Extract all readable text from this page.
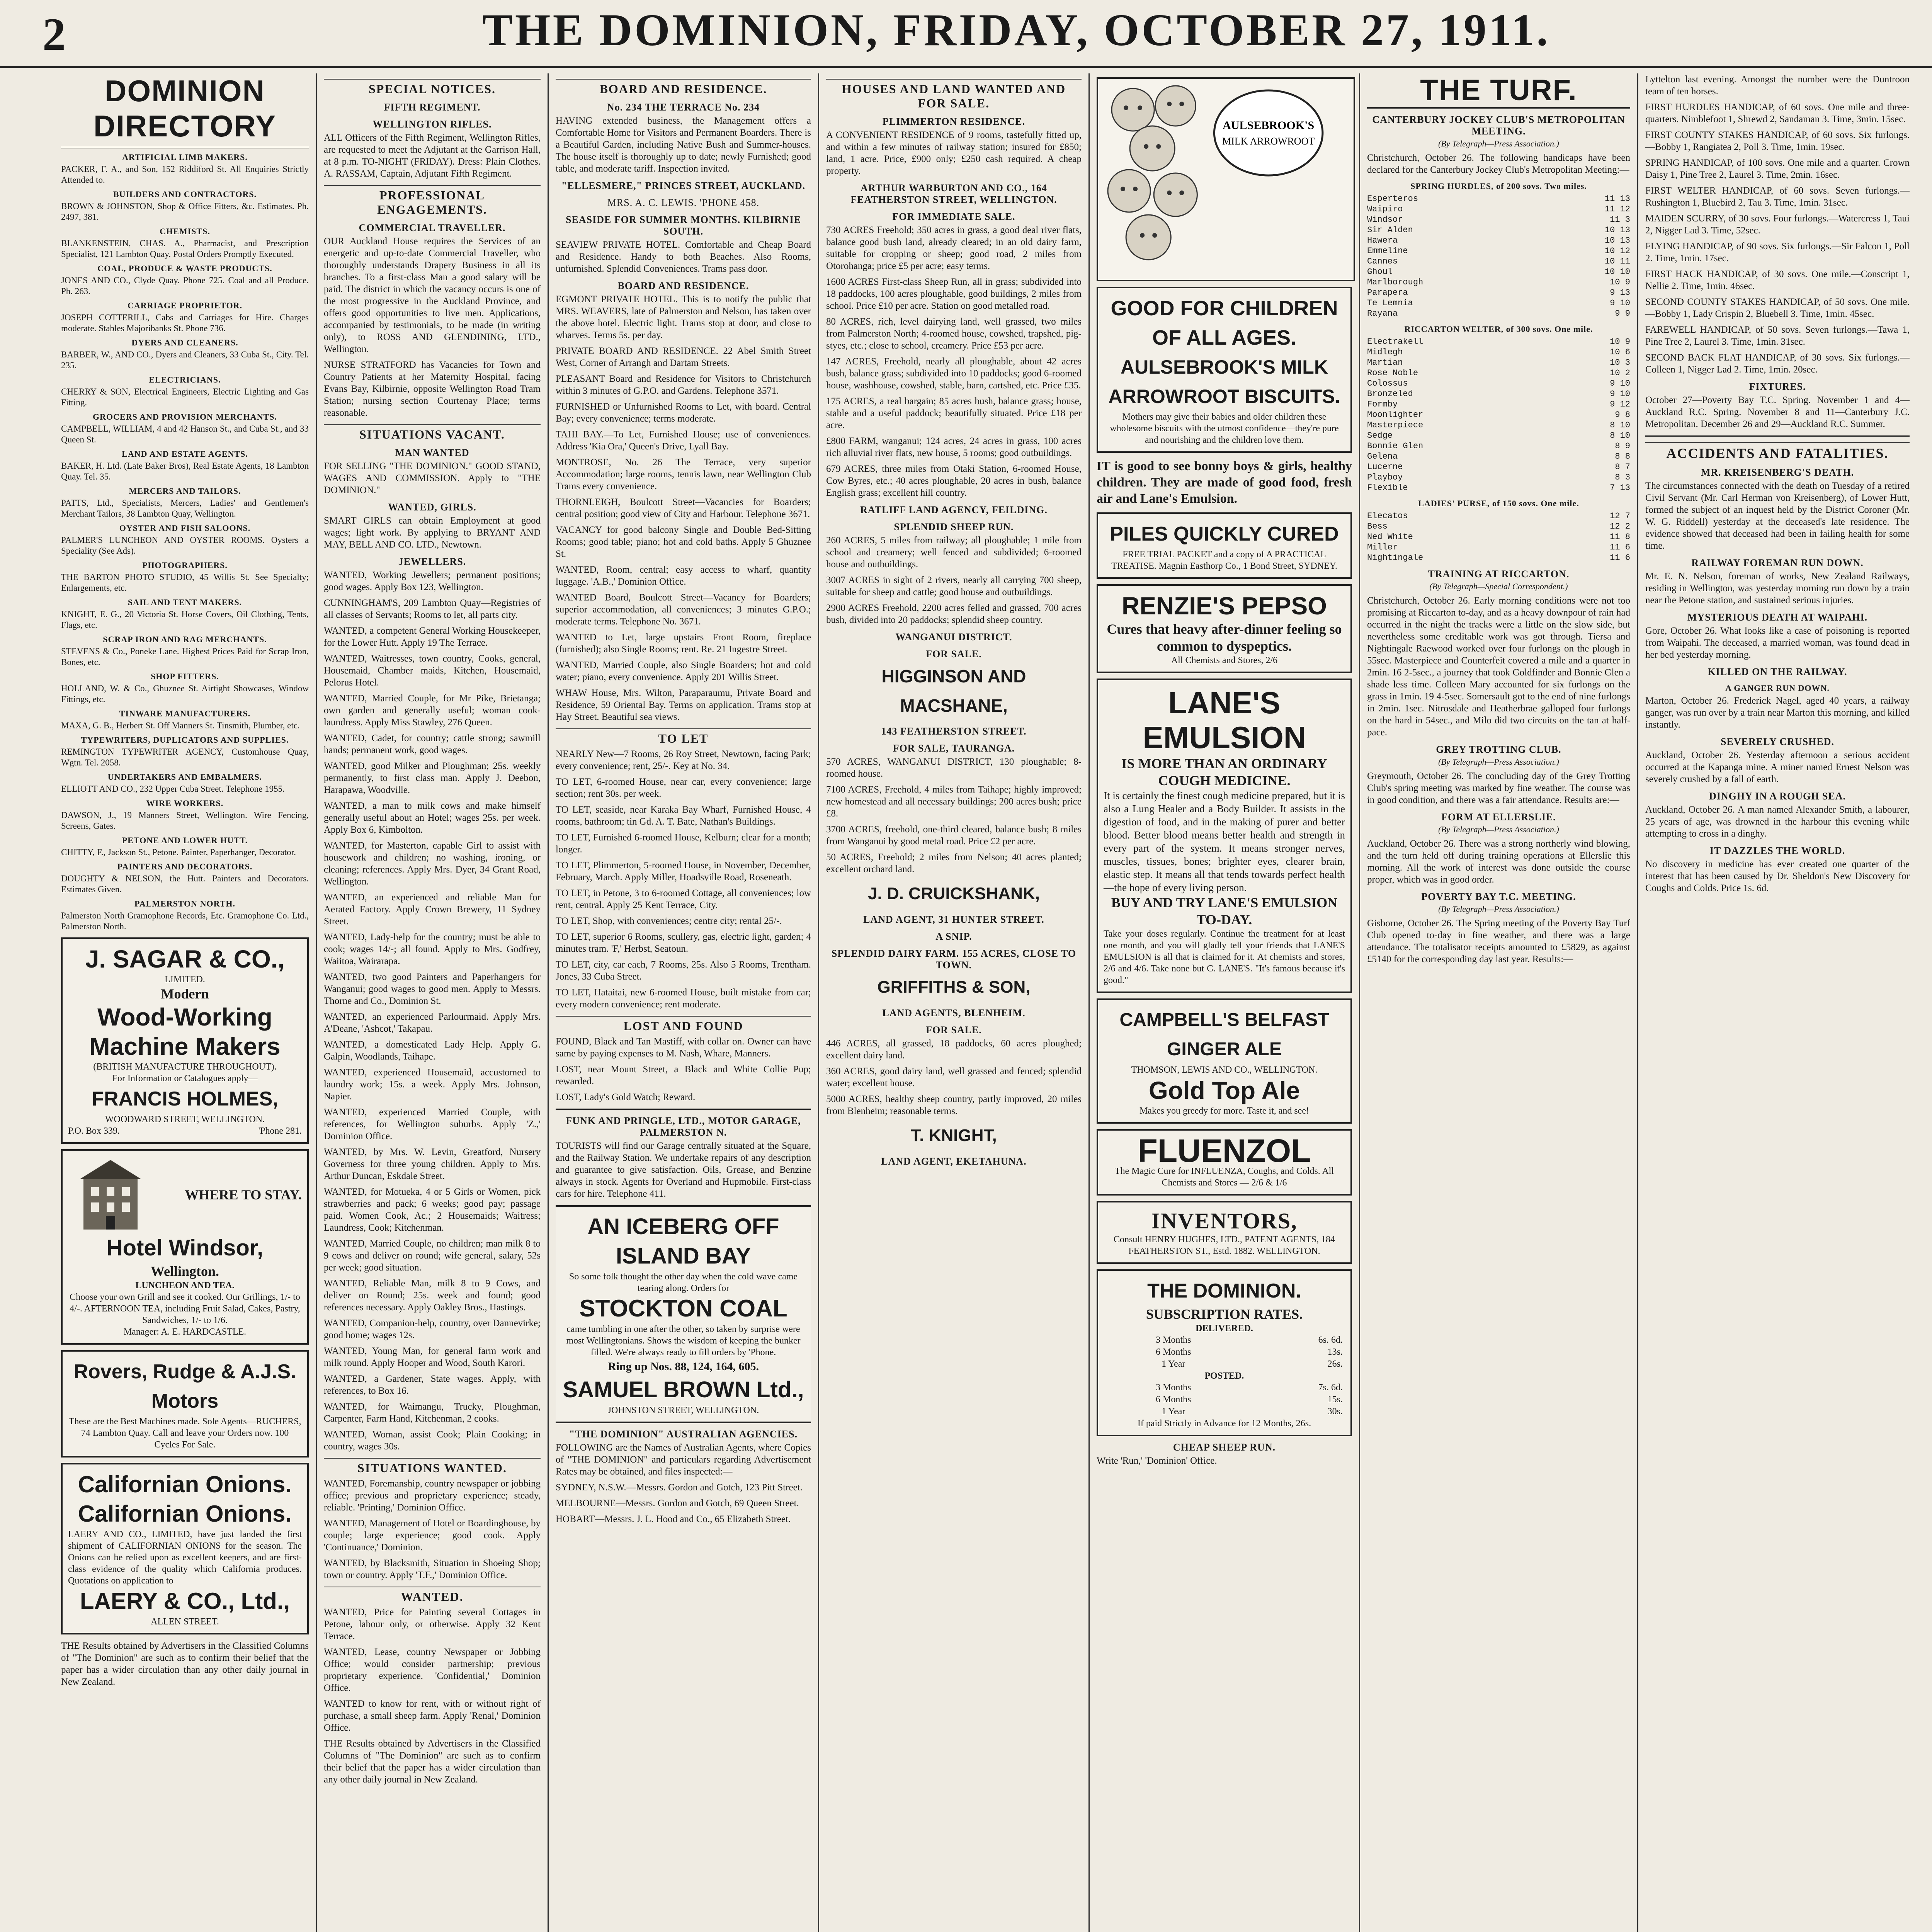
2	THE DOMINION, FRIDAY, OCTOBER 27, 1911.
DOMINION DIRECTORY
ARTIFICIAL LIMB MAKERS.
PACKER, F. A., and Son, 152 Riddiford St. All Enquiries Strictly Attended to.
BUILDERS AND CONTRACTORS.
BROWN & JOHNSTON, Shop & Office Fitters, &c. Estimates. Ph. 2497, 381.
CHEMISTS.
BLANKENSTEIN, CHAS. A., Pharmacist, and Prescription Specialist, 121 Lambton Quay. Postal Orders Promptly Executed.
COAL, PRODUCE & WASTE PRODUCTS.
JONES AND CO., Clyde Quay. Phone 725. Coal and all Produce. Ph. 263.
CARRIAGE PROPRIETOR.
JOSEPH COTTERILL, Cabs and Carriages for Hire. Charges moderate. Stables Majoribanks St. Phone 736.
DYERS AND CLEANERS.
BARBER, W., AND CO., Dyers and Cleaners, 33 Cuba St., City. Tel. 235.
ELECTRICIANS.
CHERRY & SON, Electrical Engineers, Electric Lighting and Gas Fitting.
GROCERS AND PROVISION MERCHANTS.
CAMPBELL, WILLIAM, 4 and 42 Hanson St., and Cuba St., and 33 Queen St.
LAND AND ESTATE AGENTS.
BAKER, H. Ltd. (Late Baker Bros), Real Estate Agents, 18 Lambton Quay. Tel. 35.
MERCERS AND TAILORS.
PATTS, Ltd., Specialists, Mercers, Ladies' and Gentlemen's Merchant Tailors, 38 Lambton Quay, Wellington.
OYSTER AND FISH SALOONS.
PALMER'S LUNCHEON AND OYSTER ROOMS. Oysters a Speciality (See Ads).
PHOTOGRAPHERS.
THE BARTON PHOTO STUDIO, 45 Willis St. See Specialty; Enlargements, etc.
SAIL AND TENT MAKERS.
KNIGHT, E. G., 20 Victoria St. Horse Covers, Oil Clothing, Tents, Flags, etc.
SCRAP IRON AND RAG MERCHANTS.
STEVENS & Co., Poneke Lane. Highest Prices Paid for Scrap Iron, Bones, etc.
SHOP FITTERS.
HOLLAND, W. & Co., Ghuznee St. Airtight Showcases, Window Fittings, etc.
TINWARE MANUFACTURERS.
MAXA, G. B., Herbert St. Off Manners St. Tinsmith, Plumber, etc.
TYPEWRITERS, DUPLICATORS AND SUPPLIES.
REMINGTON TYPEWRITER AGENCY, Customhouse Quay, Wgtn. Tel. 2058.
UNDERTAKERS AND EMBALMERS.
ELLIOTT AND CO., 232 Upper Cuba Street. Telephone 1955.
WIRE WORKERS.
DAWSON, J., 19 Manners Street, Wellington. Wire Fencing, Screens, Gates.
PETONE AND LOWER HUTT.
CHITTY, F., Jackson St., Petone. Painter, Paperhanger, Decorator.
PAINTERS AND DECORATORS.
DOUGHTY & NELSON, the Hutt. Painters and Decorators. Estimates Given.
PALMERSTON NORTH.
Palmerston North Gramophone Records, Etc. Gramophone Co. Ltd., Palmerston North.
J. SAGAR & CO.,
LIMITED.
Modern
Wood-Working
Machine Makers
(BRITISH MANUFACTURE THROUGHOUT).
For Information or Catalogues apply—
FRANCIS HOLMES,
WOODWARD STREET, WELLINGTON.
P.O. Box 339.	'Phone 281.
WHERE TO STAY.
Hotel Windsor,
Wellington.
LUNCHEON AND TEA.
Choose your own Grill and see it cooked. Our Grillings, 1/- to 4/-. AFTERNOON TEA, including Fruit Salad, Cakes, Pastry, Sandwiches, 1/- to 1/6.
Manager: A. E. HARDCASTLE.
Rovers, Rudge & A.J.S. Motors
These are the Best Machines made. Sole Agents—RUCHERS, 74 Lambton Quay. Call and leave your Orders now. 100 Cycles For Sale.
Californian Onions.
Californian Onions.
LAERY AND CO., LIMITED, have just landed the first shipment of CALIFORNIAN ONIONS for the season. The Onions can be relied upon as excellent keepers, and are first-class evidence of the quality which California produces. Quotations on application to
LAERY & CO., Ltd.,
ALLEN STREET.

THE Results obtained by Advertisers in the Classified Columns of "The Dominion" are such as to confirm their belief that the paper has a wider circulation than any other daily journal in New Zealand.

SPECIAL NOTICES.
FIFTH REGIMENT.
WELLINGTON RIFLES.

ALL Officers of the Fifth Regiment, Wellington Rifles, are requested to meet the Adjutant at the Garrison Hall, at 8 p.m. TO-NIGHT (FRIDAY). Dress: Plain Clothes. A. RASSAM, Captain, Adjutant Fifth Regiment.

PROFESSIONAL ENGAGEMENTS.
COMMERCIAL TRAVELLER.

OUR Auckland House requires the Services of an energetic and up-to-date Commercial Traveller, who thoroughly understands Drapery Business in all its branches. To a first-class Man a good salary will be paid. The district in which the vacancy occurs is one of the most progressive in the Auckland Province, and offers good opportunities to live men. Applications, accompanied by testimonials, to be made (in writing only), to ROSS AND GLENDINING, LTD., Wellington.

NURSE STRATFORD has Vacancies for Town and Country Patients at her Maternity Hospital, facing Evans Bay, Kilbirnie, opposite Wellington Road Tram Station; nursing section Courtenay Place; terms reasonable.

SITUATIONS VACANT.
MAN WANTED

FOR SELLING "THE DOMINION." GOOD STAND, WAGES AND COMMISSION. Apply to "THE DOMINION."

WANTED, GIRLS.

SMART GIRLS can obtain Employment at good wages; light work. By applying to BRYANT AND MAY, BELL AND CO. LTD., Newtown.

JEWELLERS.

WANTED, Working Jewellers; permanent positions; good wages. Apply Box 123, Wellington.

CUNNINGHAM'S, 209 Lambton Quay—Registries of all classes of Servants; Rooms to let, all parts city.

WANTED, a competent General Working Housekeeper, for the Lower Hutt. Apply 19 The Terrace.

WANTED, Waitresses, town country, Cooks, general, Housemaid, Chamber maids, Kitchen, Housemaid, Pelorus Hotel.

WANTED, Married Couple, for Mr Pike, Brietanga; own garden and generally useful; woman cook-laundress. Apply Miss Stawley, 276 Queen.

WANTED, Cadet, for country; cattle strong; sawmill hands; permanent work, good wages.

WANTED, good Milker and Ploughman; 25s. weekly permanently, to first class man. Apply J. Deebon, Harapawa, Woodville.

WANTED, a man to milk cows and make himself generally useful about an Hotel; wages 25s. per week. Apply Box 6, Kimbolton.

WANTED, for Masterton, capable Girl to assist with housework and children; no washing, ironing, or cleaning; references. Apply Mrs. Dyer, 34 Grant Road, Wellington.

WANTED, an experienced and reliable Man for Aerated Factory. Apply Crown Brewery, 11 Sydney Street.

WANTED, Lady-help for the country; must be able to cook; wages 14/-; all found. Apply to Mrs. Godfrey, Waiitoa, Wairarapa.

WANTED, two good Painters and Paperhangers for Wanganui; good wages to good men. Apply to Messrs. Thorne and Co., Dominion St.

WANTED, an experienced Parlourmaid. Apply Mrs. A'Deane, 'Ashcot,' Takapau.

WANTED, a domesticated Lady Help. Apply G. Galpin, Woodlands, Taihape.

WANTED, experienced Housemaid, accustomed to laundry work; 15s. a week. Apply Mrs. Johnson, Napier.

WANTED, experienced Married Couple, with references, for Wellington suburbs. Apply 'Z.,' Dominion Office.

WANTED, by Mrs. W. Levin, Greatford, Nursery Governess for three young children. Apply to Mrs. Arthur Duncan, Eskdale Street.

WANTED, for Motueka, 4 or 5 Girls or Women, pick strawberries and pack; 6 weeks; good pay; passage paid. Women Cook, Ac.; 2 Housemaids; Waitress; Laundress, Cook; Kitchenman.

WANTED, Married Couple, no children; man milk 8 to 9 cows and deliver on round; wife general, salary, 52s per week; good situation.

WANTED, Reliable Man, milk 8 to 9 Cows, and deliver on Round; 25s. week and found; good references necessary. Apply Oakley Bros., Hastings.

WANTED, Companion-help, country, over Dannevirke; good home; wages 12s.

WANTED, Young Man, for general farm work and milk round. Apply Hooper and Wood, South Karori.

WANTED, a Gardener, State wages. Apply, with references, to Box 16.

WANTED, for Waimangu, Trucky, Ploughman, Carpenter, Farm Hand, Kitchenman, 2 cooks.

WANTED, Woman, assist Cook; Plain Cooking; in country, wages 30s.

SITUATIONS WANTED.

WANTED, Foremanship, country newspaper or jobbing office; previous and proprietary experience; steady, reliable. 'Printing,' Dominion Office.

WANTED, Management of Hotel or Boardinghouse, by couple; large experience; good cook. Apply 'Continuance,' Dominion.

WANTED, by Blacksmith, Situation in Shoeing Shop; town or country. Apply 'T.F.,' Dominion Office.

WANTED.

WANTED, Price for Painting several Cottages in Petone, labour only, or otherwise. Apply 32 Kent Terrace.

WANTED, Lease, country Newspaper or Jobbing Office; would consider partnership; previous proprietary experience. 'Confidential,' Dominion Office.

WANTED to know for rent, with or without right of purchase, a small sheep farm. Apply 'Renal,' Dominion Office.

THE Results obtained by Advertisers in the Classified Columns of "The Dominion" are such as to confirm their belief that the paper has a wider circulation than any other daily journal in New Zealand.

BOARD AND RESIDENCE.
No. 234 THE TERRACE No. 234

HAVING extended business, the Management offers a Comfortable Home for Visitors and Permanent Boarders. There is a Beautiful Garden, including Native Bush and Summer-houses. The house itself is thoroughly up to date; newly Furnished; good table, and moderate tariff. Inspection invited.

"ELLESMERE," PRINCES STREET, AUCKLAND.
MRS. A. C. LEWIS. 'PHONE 458.
SEASIDE FOR SUMMER MONTHS. KILBIRNIE SOUTH.

SEAVIEW PRIVATE HOTEL. Comfortable and Cheap Board and Residence. Handy to both Beaches. Also Rooms, unfurnished. Splendid Conveniences. Trams pass door.

BOARD AND RESIDENCE.

EGMONT PRIVATE HOTEL. This is to notify the public that MRS. WEAVERS, late of Palmerston and Nelson, has taken over the above hotel. Electric light. Trams stop at door, and close to wharves. Terms 5s. per day.

PRIVATE BOARD AND RESIDENCE. 22 Abel Smith Street West, Corner of Arrangh and Dartam Streets.

PLEASANT Board and Residence for Visitors to Christchurch within 3 minutes of G.P.O. and Gardens. Telephone 3571.

FURNISHED or Unfurnished Rooms to Let, with board. Central Bay; every convenience; terms moderate.

TAHI BAY.—To Let, Furnished House; use of conveniences. Address 'Kia Ora,' Queen's Drive, Lyall Bay.

MONTROSE, No. 26 The Terrace, very superior Accommodation; large rooms, tennis lawn, near Wellington Club Trams every convenience.

THORNLEIGH, Boulcott Street—Vacancies for Boarders; central position; good view of City and Harbour. Telephone 3671.

VACANCY for good balcony Single and Double Bed-Sitting Rooms; good table; piano; hot and cold baths. Apply 5 Ghuznee St.

WANTED, Room, central; easy access to wharf, quantity luggage. 'A.B.,' Dominion Office.

WANTED Board, Boulcott Street—Vacancy for Boarders; superior accommodation, all conveniences; 3 minutes G.P.O.; moderate terms. Telephone No. 3671.

WANTED to Let, large upstairs Front Room, fireplace (furnished); also Single Rooms; rent. Re. 21 Ingestre Street.

WANTED, Married Couple, also Single Boarders; hot and cold water; piano, every convenience. Apply 201 Willis Street.

WHAW House, Mrs. Wilton, Paraparaumu, Private Board and Residence, 59 Oriental Bay. Terms on application. Trams stop at Hay Street. Beautiful sea views.

TO LET

NEARLY New—7 Rooms, 26 Roy Street, Newtown, facing Park; every convenience; rent, 25/-. Key at No. 34.

TO LET, 6-roomed House, near car, every convenience; large section; rent 30s. per week.

TO LET, seaside, near Karaka Bay Wharf, Furnished House, 4 rooms, bathroom; tin Gd. A. T. Bate, Nathan's Buildings.

TO LET, Furnished 6-roomed House, Kelburn; clear for a month; longer.

TO LET, Plimmerton, 5-roomed House, in November, December, February, March. Apply Miller, Hoadsville Road, Roseneath.

TO LET, in Petone, 3 to 6-roomed Cottage, all conveniences; low rent, central. Apply 25 Kent Terrace, City.

TO LET, Shop, with conveniences; centre city; rental 25/-.

TO LET, superior 6 Rooms, scullery, gas, electric light, garden; 4 minutes tram. 'F,' Herbst, Seatoun.

TO LET, city, car each, 7 Rooms, 25s. Also 5 Rooms, Trentham. Jones, 33 Cuba Street.

TO LET, Hataitai, new 6-roomed House, built mistake from car; every modern convenience; rent moderate.

LOST AND FOUND

FOUND, Black and Tan Mastiff, with collar on. Owner can have same by paying expenses to M. Nash, Whare, Manners.

LOST, near Mount Street, a Black and White Collie Pup; rewarded.

LOST, Lady's Gold Watch; Reward.

FUNK AND PRINGLE, LTD., MOTOR GARAGE, PALMERSTON N.

TOURISTS will find our Garage centrally situated at the Square, and the Railway Station. We undertake repairs of any description and guarantee to give satisfaction. Oils, Grease, and Benzine always in stock. Agents for Overland and Hupmobile. First-class cars for hire. Telephone 411.

AN ICEBERG OFF ISLAND BAY
So some folk thought the other day when the cold wave came tearing along. Orders for
STOCKTON COAL
came tumbling in one after the other, so taken by surprise were most Wellingtonians. Shows the wisdom of keeping the bunker filled. We're always ready to fill orders by 'Phone.
Ring up Nos. 88, 124, 164, 605.
SAMUEL BROWN Ltd.,
JOHNSTON STREET, WELLINGTON.
"THE DOMINION" AUSTRALIAN AGENCIES.

FOLLOWING are the Names of Australian Agents, where Copies of "THE DOMINION" and particulars regarding Advertisement Rates may be obtained, and files inspected:—

SYDNEY, N.S.W.—Messrs. Gordon and Gotch, 123 Pitt Street.

MELBOURNE—Messrs. Gordon and Gotch, 69 Queen Street.

HOBART—Messrs. J. L. Hood and Co., 65 Elizabeth Street.

HOUSES AND LAND WANTED AND FOR SALE.
PLIMMERTON RESIDENCE.

A CONVENIENT RESIDENCE of 9 rooms, tastefully fitted up, and within a few minutes of railway station; insured for £850; land, 1 acre. Price, £900 only; £250 cash required. A cheap property.

ARTHUR WARBURTON AND CO., 164 FEATHERSTON STREET, WELLINGTON.
FOR IMMEDIATE SALE.

730 ACRES Freehold; 350 acres in grass, a good deal river flats, balance good bush land, already cleared; in an old dairy farm, suitable for cropping or sheep; good road, 2 miles from Otorohanga; price £5 per acre; easy terms.

1600 ACRES First-class Sheep Run, all in grass; subdivided into 18 paddocks, 100 acres ploughable, good buildings, 2 miles from school. Price £10 per acre. Station on good metalled road.

80 ACRES, rich, level dairying land, well grassed, two miles from Palmerston North; 4-roomed house, cowshed, trapshed, pig-styes, etc.; close to school, creamery. Price £53 per acre.

147 ACRES, Freehold, nearly all ploughable, about 42 acres bush, balance grass; subdivided into 10 paddocks; good 6-roomed house, washhouse, cowshed, stable, barn, cartshed, etc. Price £35.

175 ACRES, a real bargain; 85 acres bush, balance grass; house, stable and a useful paddock; beautifully situated. Price £18 per acre.

£800 FARM, wanganui; 124 acres, 24 acres in grass, 100 acres rich alluvial river flats, new house, 5 rooms; good outbuildings.

679 ACRES, three miles from Otaki Station, 6-roomed House, Cow Byres, etc.; 40 acres ploughable, 20 acres in bush, balance English grass; excellent hill country.

RATLIFF LAND AGENCY, FEILDING.
SPLENDID SHEEP RUN.

260 ACRES, 5 miles from railway; all ploughable; 1 mile from school and creamery; well fenced and subdivided; 6-roomed house and outbuildings.

3007 ACRES in sight of 2 rivers, nearly all carrying 700 sheep, suitable for sheep and cattle; good house and outbuildings.

2900 ACRES Freehold, 2200 acres felled and grassed, 700 acres bush, divided into 20 paddocks; splendid sheep country.

WANGANUI DISTRICT.
FOR SALE.
HIGGINSON AND MACSHANE,
143 FEATHERSTON STREET.
FOR SALE, TAURANGA.

570 ACRES, WANGANUI DISTRICT, 130 ploughable; 8-roomed house.

7100 ACRES, Freehold, 4 miles from Taihape; highly improved; new homestead and all necessary buildings; 200 acres bush; price £8.

3700 ACRES, freehold, one-third cleared, balance bush; 8 miles from Wanganui by good metal road. Price £2 per acre.

50 ACRES, Freehold; 2 miles from Nelson; 40 acres planted; excellent orchard land.

J. D. CRUICKSHANK,
LAND AGENT, 31 HUNTER STREET.
A SNIP.
SPLENDID DAIRY FARM. 155 ACRES, CLOSE TO TOWN.
GRIFFITHS & SON,
LAND AGENTS, BLENHEIM.
FOR SALE.

446 ACRES, all grassed, 18 paddocks, 60 acres ploughed; excellent dairy land.

360 ACRES, good dairy land, well grassed and fenced; splendid water; excellent house.

5000 ACRES, healthy sheep country, partly improved, 20 miles from Blenheim; reasonable terms.

T. KNIGHT,
LAND AGENT, EKETAHUNA.
AULSEBROOK'S
MILK ARROWROOT
GOOD FOR CHILDREN OF ALL AGES.
AULSEBROOK'S MILK ARROWROOT BISCUITS.
Mothers may give their babies and older children these wholesome biscuits with the utmost confidence—they're pure and nourishing and the children love them.

IT is good to see bonny boys & girls, healthy children. They are made of good food, fresh air and Lane's Emulsion.

PILES QUICKLY CURED
FREE TRIAL PACKET and a copy of A PRACTICAL TREATISE. Magnin Easthorp Co., 1 Bond Street, SYDNEY.
RENZIE'S PEPSO
Cures that heavy after-dinner feeling so common to dyspeptics.
All Chemists and Stores, 2/6
LANE'S EMULSION
IS MORE THAN AN ORDINARY COUGH MEDICINE.
It is certainly the finest cough medicine prepared, but it is also a Lung Healer and a Body Builder. It assists in the digestion of food, and in the making of purer and better blood. Better blood means better health and strength in every part of the system. It means stronger nerves, muscles, tissues, bones; brighter eyes, clearer brain, elastic step. It means all that tends towards perfect health—the hope of every living person.
BUY AND TRY LANE'S EMULSION TO-DAY.
Take your doses regularly. Continue the treatment for at least one month, and you will gladly tell your friends that LANE'S EMULSION is all that is claimed for it. At chemists and stores, 2/6 and 4/6. Take none but G. LANE'S. "It's famous because it's good."
CAMPBELL'S BELFAST GINGER ALE
THOMSON, LEWIS AND CO., WELLINGTON.
Gold Top Ale
Makes you greedy for more. Taste it, and see!
FLUENZOL
The Magic Cure for INFLUENZA, Coughs, and Colds. All Chemists and Stores — 2/6 & 1/6
INVENTORS,
Consult HENRY HUGHES, LTD., PATENT AGENTS, 184 FEATHERSTON ST., Estd. 1882. WELLINGTON.
THE DOMINION.
SUBSCRIPTION RATES.
DELIVERED.
3 Months	6s. 6d.
6 Months	13s.
1 Year	26s.
POSTED.
3 Months	7s. 6d.
6 Months	15s.
1 Year	30s.
If paid Strictly in Advance for 12 Months, 26s.
CHEAP SHEEP RUN.

Write 'Run,' 'Dominion' Office.

THE TURF.
CANTERBURY JOCKEY CLUB'S METROPOLITAN MEETING.
(By Telegraph—Press Association.)

Christchurch, October 26. The following handicaps have been declared for the Canterbury Jockey Club's Metropolitan Meeting:—

SPRING HURDLES, of 200 sovs. Two miles.
Esperteros	11 13
Waipiro	11 12
Windsor	11 3
Sir Alden	10 13
Hawera	10 13
Emmeline	10 12
Cannes	10 11
Ghoul	10 10
Marlborough	10 9
Parapera	9 13
Te Lemnia	9 10
Rayana	9 9
RICCARTON WELTER, of 300 sovs. One mile.
Electrakell	10 9
Midlegh	10 6
Martian	10 3
Rose Noble	10 2
Colossus	9 10
Bronzeled	9 10
Formby	9 12
Moonlighter	9 8
Masterpiece	8 10
Sedge	8 10
Bonnie Glen	8 9
Gelena	8 8
Lucerne	8 7
Playboy	8 3
Flexible	7 13
LADIES' PURSE, of 150 sovs. One mile.
Elecatos	12 7
Bess	12 2
Ned White	11 8
Miller	11 6
Nightingale	11 6
TRAINING AT RICCARTON.
(By Telegraph—Special Correspondent.)

Christchurch, October 26. Early morning conditions were not too promising at Riccarton to-day, and as a heavy downpour of rain had occurred in the night the tracks were a little on the slow side, but nevertheless some creditable work was got through. Tiersa and Nightingale Raewood worked over four furlongs on the plough in 55sec. Masterpiece and Counterfeit covered a mile and a quarter in 2min. 16 2-5sec., a journey that took Goldfinder and Bonnie Glen a shade less time. Colleen Mary accounted for six furlongs on the grass in 1min. 19 4-5sec. Somersault got to the end of nine furlongs in 2min. 1sec. Nitrosdale and Heatherbrae galloped four furlongs on the hard in 54sec., and Milo did two circuits on the tan at half-pace.

GREY TROTTING CLUB.
(By Telegraph—Press Association.)

Greymouth, October 26. The concluding day of the Grey Trotting Club's spring meeting was marked by fine weather. The course was in good condition, and there was a fair attendance. Results are:—

FORM AT ELLERSLIE.
(By Telegraph—Press Association.)

Auckland, October 26. There was a strong northerly wind blowing, and the turn held off during training operations at Ellerslie this morning. All the work of interest was done outside the course proper, which was in good order.

POVERTY BAY T.C. MEETING.
(By Telegraph—Press Association.)

Gisborne, October 26. The Spring meeting of the Poverty Bay Turf Club opened to-day in fine weather, and there was a large attendance. The totalisator receipts amounted to £5829, as against £5140 for the corresponding day last year. Results:—

Lyttelton last evening. Amongst the number were the Duntroon team of ten horses.

FIRST HURDLES HANDICAP, of 60 sovs. One mile and three-quarters. Nimblefoot 1, Shrewd 2, Sandaman 3. Time, 3min. 15sec.

FIRST COUNTY STAKES HANDICAP, of 60 sovs. Six furlongs.—Bobby 1, Rangiatea 2, Poll 3. Time, 1min. 19sec.

SPRING HANDICAP, of 100 sovs. One mile and a quarter. Crown Daisy 1, Pine Tree 2, Laurel 3. Time, 2min. 16sec.

FIRST WELTER HANDICAP, of 60 sovs. Seven furlongs.—Rushington 1, Bluebird 2, Tau 3. Time, 1min. 31sec.

MAIDEN SCURRY, of 30 sovs. Four furlongs.—Watercress 1, Taui 2, Nigger Lad 3. Time, 52sec.

FLYING HANDICAP, of 90 sovs. Six furlongs.—Sir Falcon 1, Poll 2. Time, 1min. 17sec.

FIRST HACK HANDICAP, of 30 sovs. One mile.—Conscript 1, Nellie 2. Time, 1min. 46sec.

SECOND COUNTY STAKES HANDICAP, of 50 sovs. One mile.—Bobby 1, Lady Crispin 2, Bluebell 3. Time, 1min. 45sec.

FAREWELL HANDICAP, of 50 sovs. Seven furlongs.—Tawa 1, Pine Tree 2, Laurel 3. Time, 1min. 31sec.

SECOND BACK FLAT HANDICAP, of 30 sovs. Six furlongs.—Colleen 1, Nigger Lad 2. Time, 1min. 20sec.

FIXTURES.

October 27—Poverty Bay T.C. Spring. November 1 and 4—Auckland R.C. Spring. November 8 and 11—Canterbury J.C. Metropolitan. December 26 and 29—Auckland R.C. Summer.

ACCIDENTS AND FATALITIES.
MR. KREISENBERG'S DEATH.

The circumstances connected with the death on Tuesday of a retired Civil Servant (Mr. Carl Herman von Kreisenberg), of Lower Hutt, formed the subject of an inquest held by the District Coroner (Mr. W. G. Riddell) yesterday at the deceased's late residence. The evidence showed that deceased had been in failing health for some time.

RAILWAY FOREMAN RUN DOWN.

Mr. E. N. Nelson, foreman of works, New Zealand Railways, residing in Wellington, was yesterday morning run down by a train near the Petone station, and sustained serious injuries.

MYSTERIOUS DEATH AT WAIPAHI.

Gore, October 26. What looks like a case of poisoning is reported from Waipahi. The deceased, a married woman, was found dead in her bed yesterday morning.

KILLED ON THE RAILWAY.
A GANGER RUN DOWN.

Marton, October 26. Frederick Nagel, aged 40 years, a railway ganger, was run over by a train near Marton this morning, and killed instantly.

SEVERELY CRUSHED.

Auckland, October 26. Yesterday afternoon a serious accident occurred at the Kapanga mine. A miner named Ernest Nelson was severely crushed by a fall of earth.

DINGHY IN A ROUGH SEA.

Auckland, October 26. A man named Alexander Smith, a labourer, 25 years of age, was drowned in the harbour this evening while attempting to cross in a dinghy.

IT DAZZLES THE WORLD.

No discovery in medicine has ever created one quarter of the interest that has been caused by Dr. Sheldon's New Discovery for Coughs and Colds. Price 1s. 6d.
